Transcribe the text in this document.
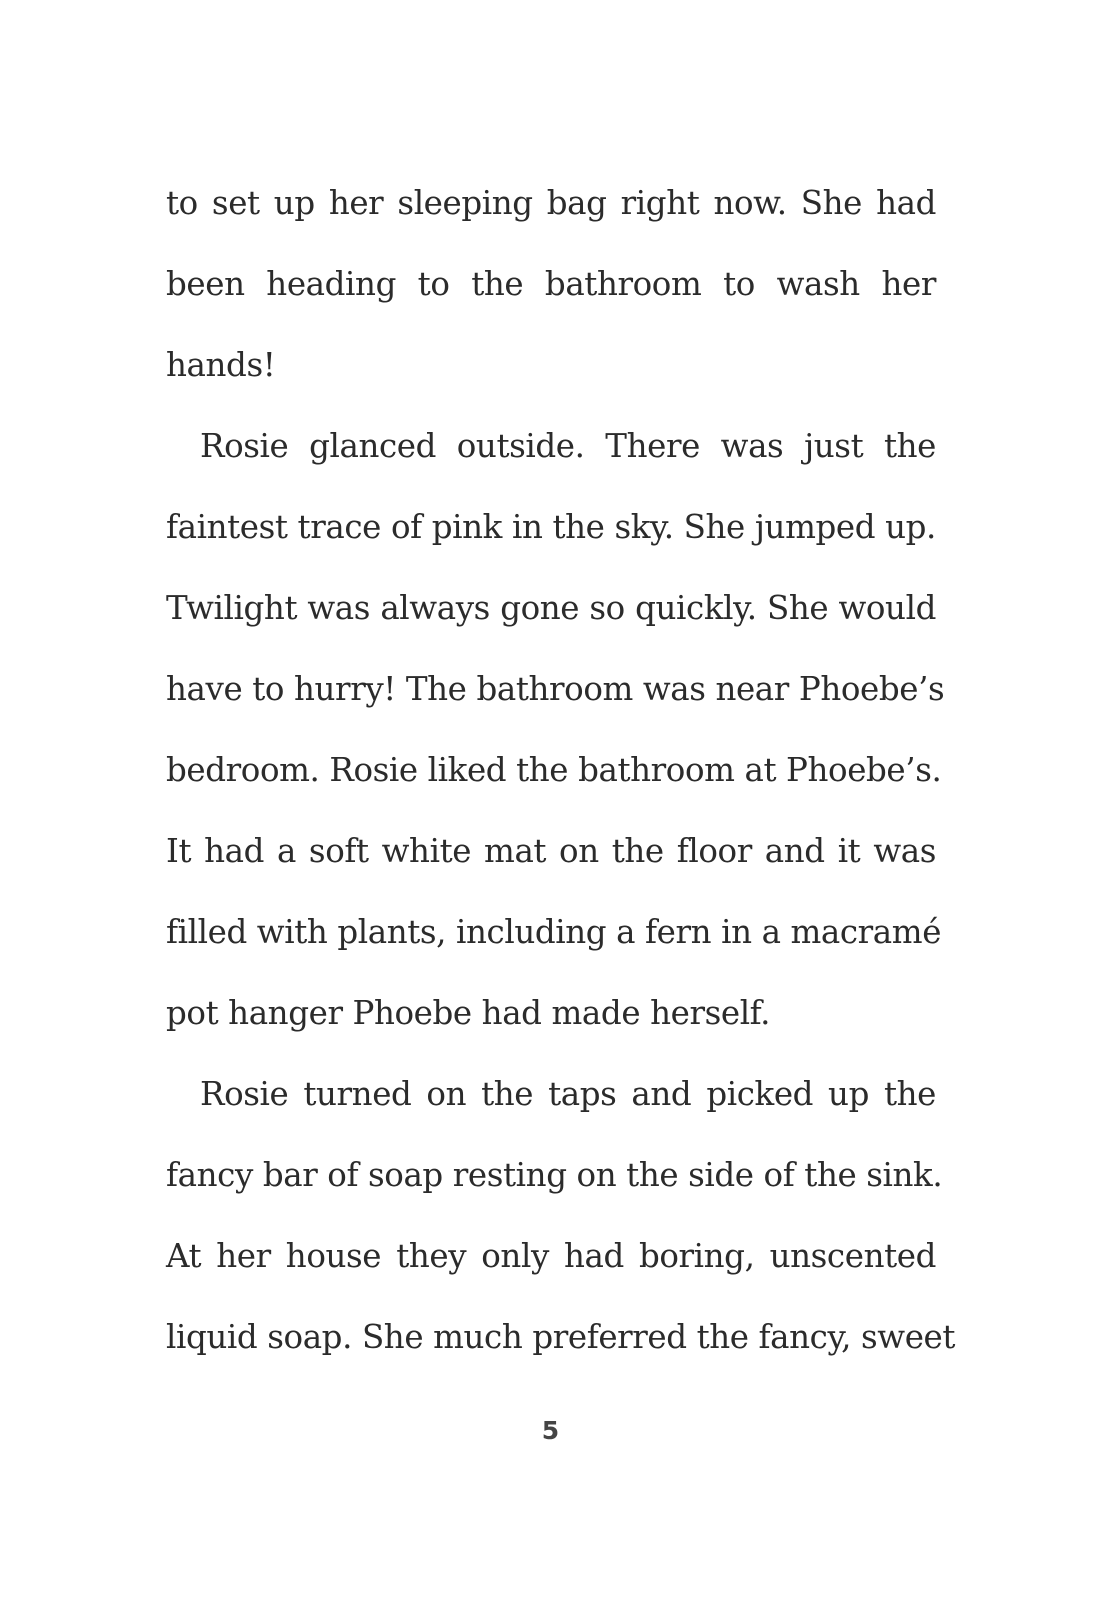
to set up her sleeping bag right now. She had
been heading to the bathroom to wash her
hands!
Rosie glanced outside. There was just the
faintest trace of pink in the sky. She jumped up.
Twilight was always gone so quickly. She would
have to hurry! The bathroom was near Phoebe’s
bedroom. Rosie liked the bathroom at Phoebe’s.
It had a soft white mat on the floor and it was
filled with plants, including a fern in a macramé
pot hanger Phoebe had made herself.
Rosie turned on the taps and picked up the
fancy bar of soap resting on the side of the sink.
At her house they only had boring, unscented
liquid soap. She much preferred the fancy, sweet
5
